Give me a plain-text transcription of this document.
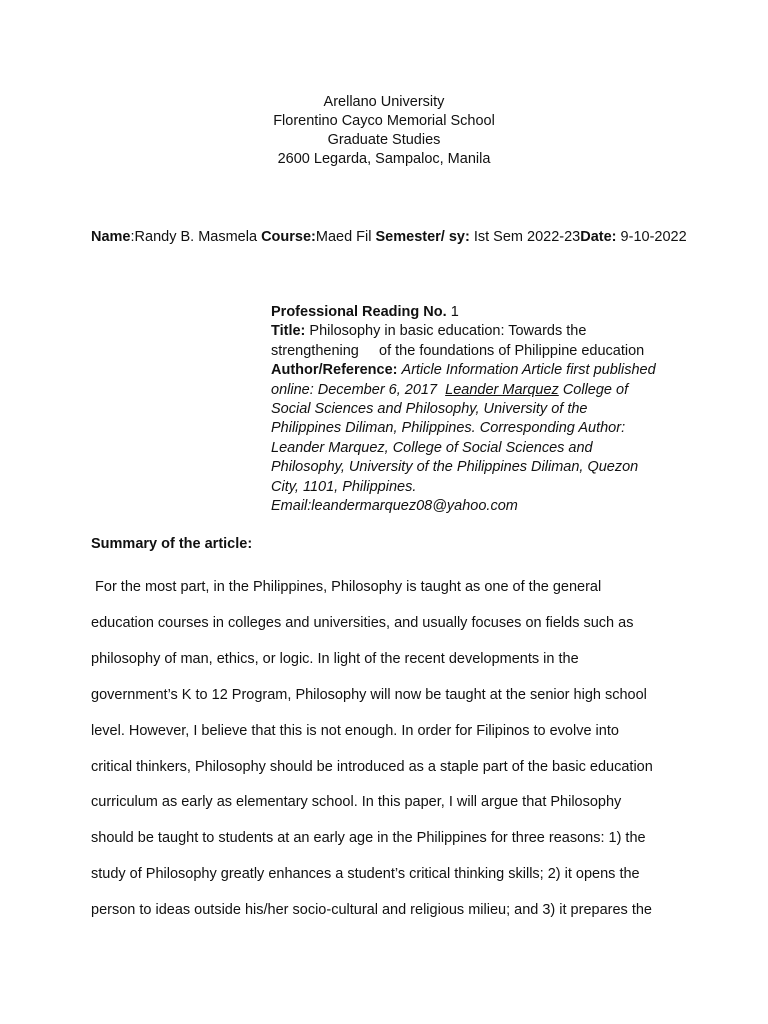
Arellano University
Florentino Cayco Memorial School
Graduate Studies
2600 Legarda, Sampaloc, Manila
Name:Randy B. Masmela Course:Maed Fil Semester/ sy: Ist Sem 2022-23Date: 9-10-2022

Professional Reading No. 1

Title: Philosophy in basic education: Towards the

strengthening     of the foundations of Philippine education

Author/Reference: Article Information Article first published

online: December 6, 2017 Leander Marquez College of

Social Sciences and Philosophy, University of the

Philippines Diliman, Philippines. Corresponding Author:

Leander Marquez, College of Social Sciences and

Philosophy, University of the Philippines Diliman, Quezon

City, 1101, Philippines.

Email:leandermarquez08@yahoo.com

Summary of the article:
For the most part, in the Philippines, Philosophy is taught as one of the general
education courses in colleges and universities, and usually focuses on fields such as
philosophy of man, ethics, or logic. In light of the recent developments in the
government’s K to 12 Program, Philosophy will now be taught at the senior high school
level. However, I believe that this is not enough. In order for Filipinos to evolve into
critical thinkers, Philosophy should be introduced as a staple part of the basic education
curriculum as early as elementary school. In this paper, I will argue that Philosophy
should be taught to students at an early age in the Philippines for three reasons: 1) the
study of Philosophy greatly enhances a student’s critical thinking skills; 2) it opens the
person to ideas outside his/her socio-cultural and religious milieu; and 3) it prepares the
